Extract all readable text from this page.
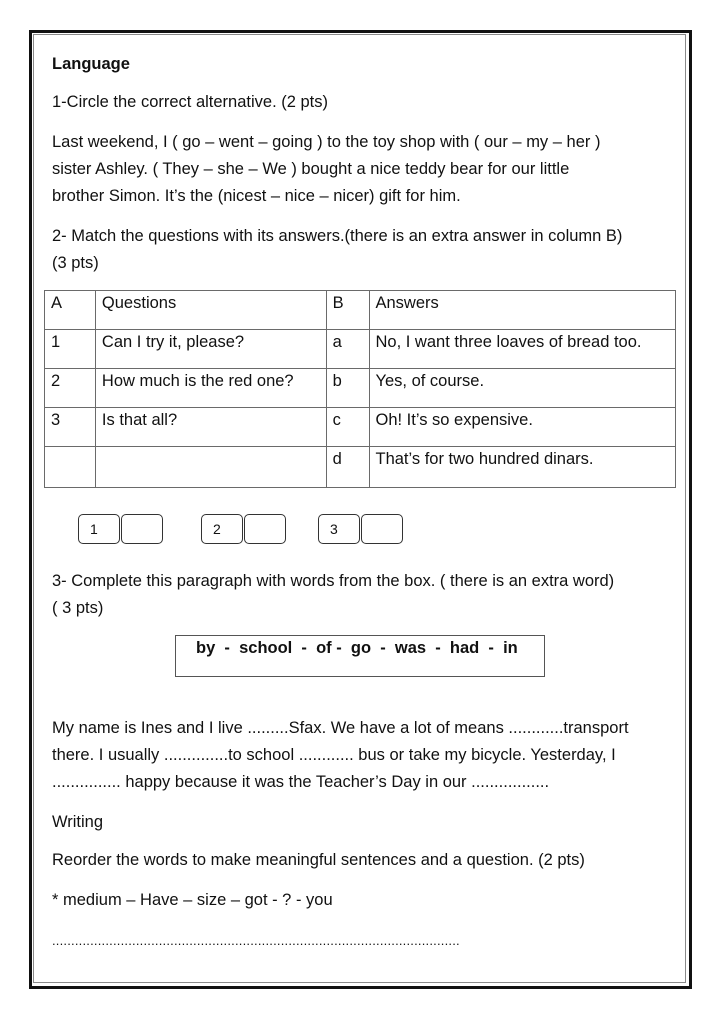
Language
1-Circle the correct alternative. (2 pts)
Last weekend, I ( go – went – going ) to the toy shop with ( our – my – her )
sister Ashley. ( They – she – We ) bought a nice teddy bear for our little
brother Simon. It’s the (nicest – nice – nicer) gift for him.
2- Match the questions with its answers.(there is an extra answer in column B)
(3 pts)
A	Questions	B	Answers
1	Can I try it, please?	a	No, I want three loaves of bread too.
2	How much is the red one?	b	Yes, of course.
3	Is that all?	c	Oh! It’s so expensive.
		d	That’s for two hundred dinars.
1	2	3
3- Complete this paragraph with words from the box. ( there is an extra word)
( 3 pts)
by  -  school  -  of -  go  -  was  -  had  -  in
My name is Ines and I live .........Sfax. We have a lot of means ............transport
there. I usually ..............to school ............ bus or take my bicycle. Yesterday, I
............... happy because it was the Teacher’s Day in our .................
Writing
Reorder the words to make meaningful sentences and a question. (2 pts)
* medium – Have – size – got - ? - you
...........................................................................................................
